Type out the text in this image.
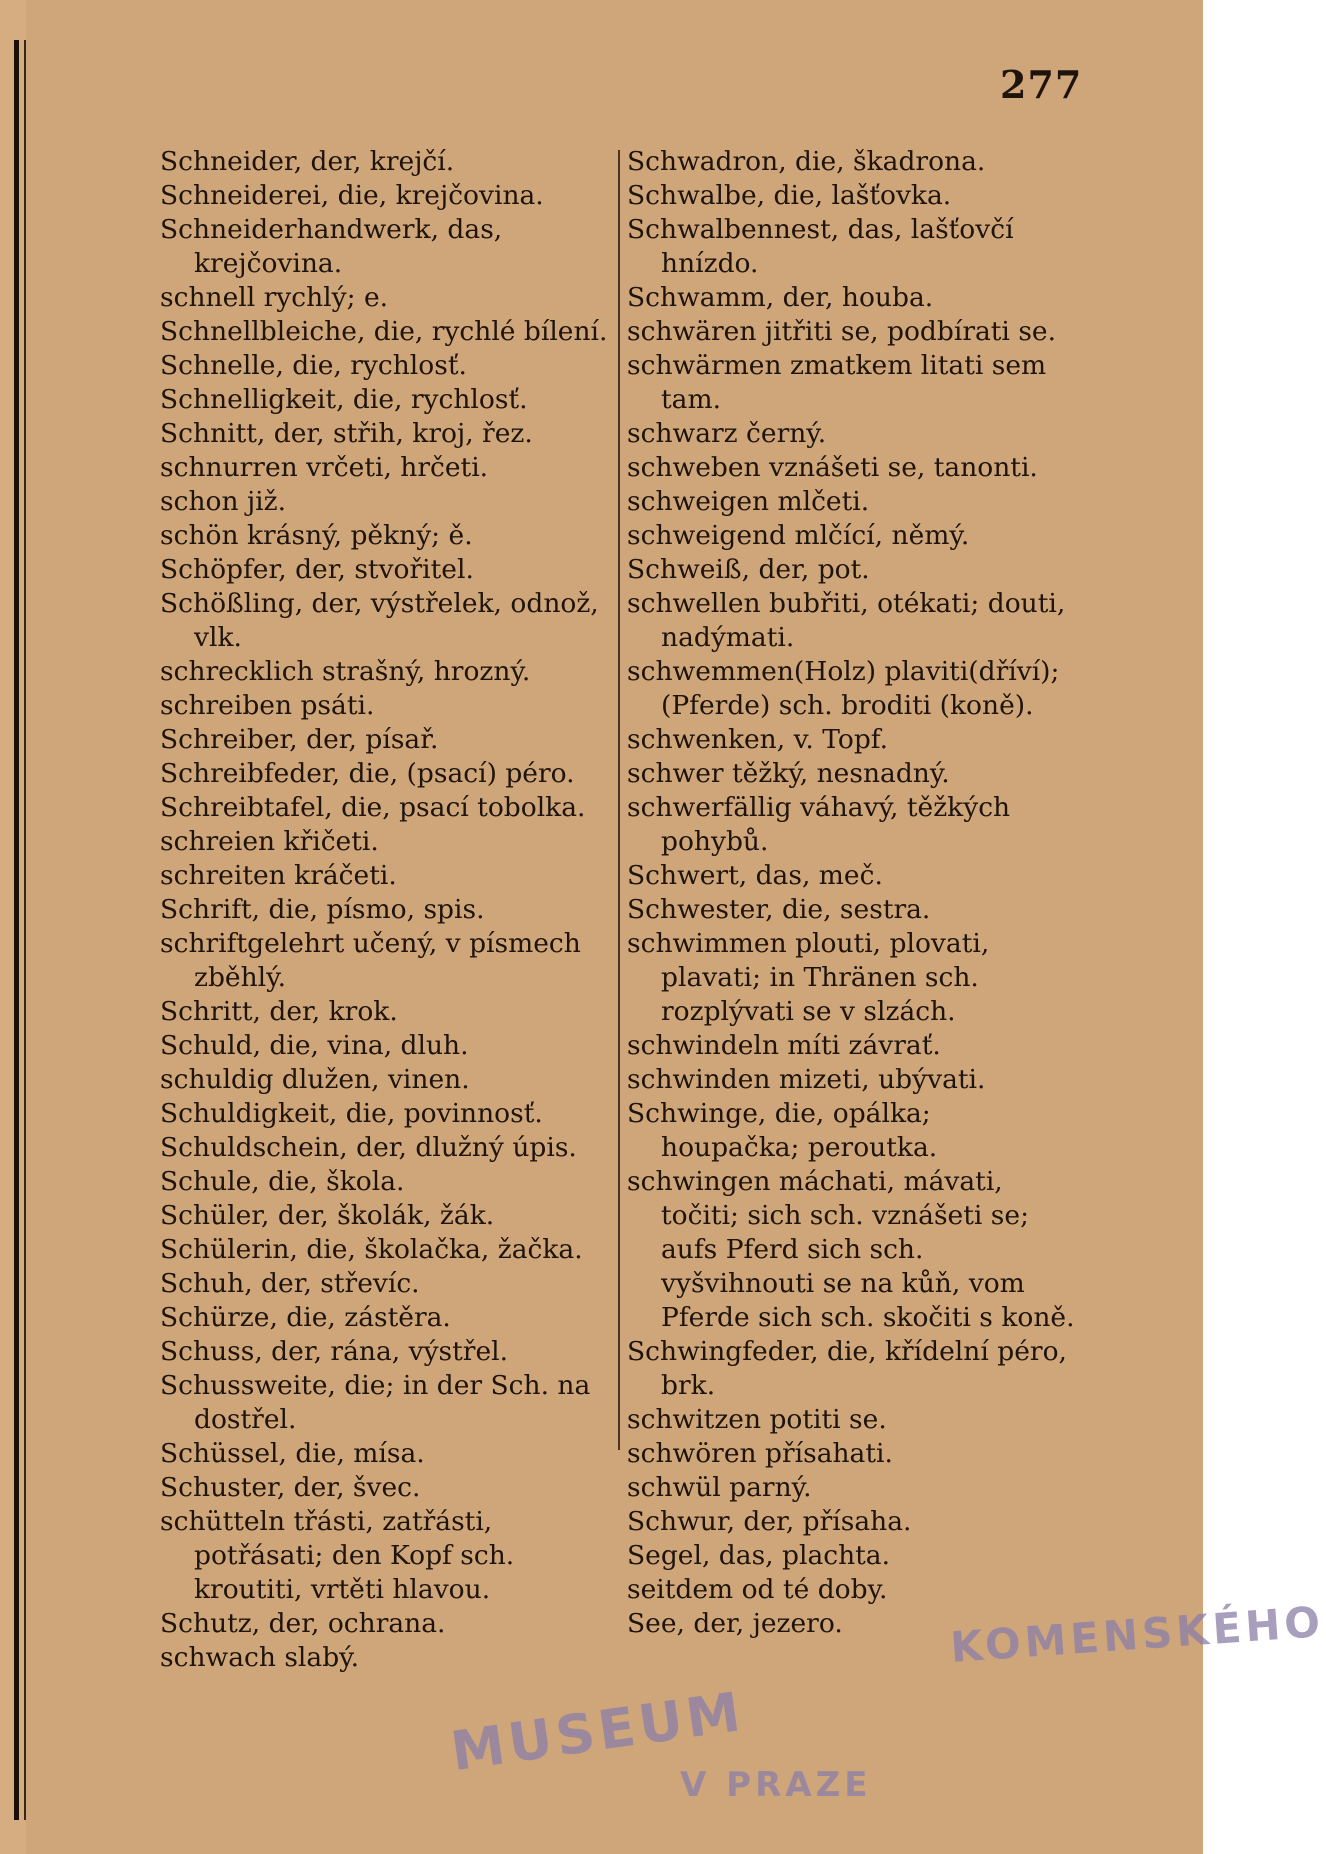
277
Schneider, der, krejčí.
Schneiderei, die, krejčovina.
Schneiderhandwerk, das, krejčovina.
schnell rychlý; e.
Schnellbleiche, die, rychlé bílení.
Schnelle, die, rychlosť.
Schnelligkeit, die, rychlosť.
Schnitt, der, střih, kroj, řez.
schnurren vrčeti, hrčeti.
schon již.
schön krásný, pěkný; ě.
Schöpfer, der, stvořitel.
Schößling, der, výstřelek, odnož, vlk.
schrecklich strašný, hrozný.
schreiben psáti.
Schreiber, der, písař.
Schreibfeder, die, (psací) péro.
Schreibtafel, die, psací tobolka.
schreien křičeti.
schreiten kráčeti.
Schrift, die, písmo, spis.
schriftgelehrt učený, v písmech zběhlý.
Schritt, der, krok.
Schuld, die, vina, dluh.
schuldig dlužen, vinen.
Schuldigkeit, die, povinnosť.
Schuldschein, der, dlužný úpis.
Schule, die, škola.
Schüler, der, školák, žák.
Schülerin, die, školačka, žačka.
Schuh, der, střevíc.
Schürze, die, zástěra.
Schuss, der, rána, výstřel.
Schussweite, die; in der Sch. na dostřel.
Schüssel, die, mísa.
Schuster, der, švec.
schütteln třásti, zatřásti, potřásati; den Kopf sch. kroutiti, vrtěti hlavou.
Schutz, der, ochrana.
schwach slabý.
Schwadron, die, škadrona.
Schwalbe, die, lašťovka.
Schwalbennest, das, lašťovčí hnízdo.
Schwamm, der, houba.
schwären jitřiti se, podbírati se.
schwärmen zmatkem litati sem tam.
schwarz černý.
schweben vznášeti se, tanonti.
schweigen mlčeti.
schweigend mlčící, němý.
Schweiß, der, pot.
schwellen bubřiti, otékati; douti, nadýmati.
schwemmen(Holz) plaviti(dříví); (Pferde) sch. broditi (koně).
schwenken, v. Topf.
schwer těžký, nesnadný.
schwerfällig váhavý, těžkých pohybů.
Schwert, das, meč.
Schwester, die, sestra.
schwimmen plouti, plovati, plavati; in Thränen sch. rozplývati se v slzách.
schwindeln míti závrať.
schwinden mizeti, ubývati.
Schwinge, die, opálka; houpačka; peroutka.
schwingen máchati, mávati, točiti; sich sch. vznášeti se; aufs Pferd sich sch. vyšvihnouti se na kůň, vom Pferde sich sch. skočiti s koně.
Schwingfeder, die, křídelní péro, brk.
schwitzen potiti se.
schwören přísahati.
schwül parný.
Schwur, der, přísaha.
Segel, das, plachta.
seitdem od té doby.
See, der, jezero.
MUSEUM
KOMENSKÉHO
V PRAZE
